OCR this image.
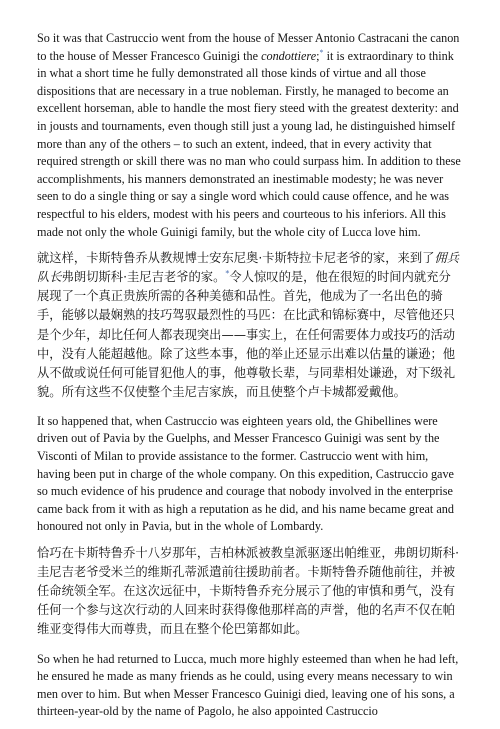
So it was that Castruccio went from the house of Messer Antonio Castracani the canon to the house of Messer Francesco Guinigi the condottiere;* it is extraordinary to think in what a short time he fully demonstrated all those kinds of virtue and all those dispositions that are necessary in a true nobleman. Firstly, he managed to become an excellent horseman, able to handle the most fiery steed with the greatest dexterity: and in jousts and tournaments, even though still just a young lad, he distinguished himself more than any of the others – to such an extent, indeed, that in every activity that required strength or skill there was no man who could surpass him. In addition to these accomplishments, his manners demonstrated an inestimable modesty; he was never seen to do a single thing or say a single word which could cause offence, and he was respectful to his elders, modest with his peers and courteous to his inferiors. All this made not only the whole Guinigi family, but the whole city of Lucca love him.

就这样，卡斯特鲁乔从教规博士安东尼奥·卡斯特拉卡尼老爷的家，来到了佣兵队长弗朗切斯科·圭尼吉老爷的家。*令人惊叹的是，他在很短的时间内就充分展现了一个真正贵族所需的各种美德和品性。首先，他成为了一名出色的骑手，能够以最娴熟的技巧驾驭最烈性的马匹：在比武和锦标赛中，尽管他还只是个少年，却比任何人都表现突出——事实上，在任何需要体力或技巧的活动中，没有人能超越他。除了这些本事，他的举止还显示出难以估量的谦逊；他从不做或说任何可能冒犯他人的事，他尊敬长辈，与同辈相处谦逊，对下级礼貌。所有这些不仅使整个圭尼吉家族，而且使整个卢卡城都爱戴他。

It so happened that, when Castruccio was eighteen years old, the Ghibellines were driven out of Pavia by the Guelphs, and Messer Francesco Guinigi was sent by the Visconti of Milan to provide assistance to the former. Castruccio went with him, having been put in charge of the whole company. On this expedition, Castruccio gave so much evidence of his prudence and courage that nobody involved in the enterprise came back from it with as high a reputation as he did, and his name became great and honoured not only in Pavia, but in the whole of Lombardy.

恰巧在卡斯特鲁乔十八岁那年，吉柏林派被教皇派驱逐出帕维亚，弗朗切斯科·圭尼吉老爷受米兰的维斯孔蒂派遣前往援助前者。卡斯特鲁乔随他前往，并被任命统领全军。在这次远征中，卡斯特鲁乔充分展示了他的审慎和勇气，没有任何一个参与这次行动的人回来时获得像他那样高的声誉，他的名声不仅在帕维亚变得伟大而尊贵，而且在整个伦巴第都如此。

So when he had returned to Lucca, much more highly esteemed than when he had left, he ensured he made as many friends as he could, using every means necessary to win men over to him. But when Messer Francesco Guinigi died, leaving one of his sons, a thirteen-year-old by the name of Pagolo, he also appointed Castruccio
